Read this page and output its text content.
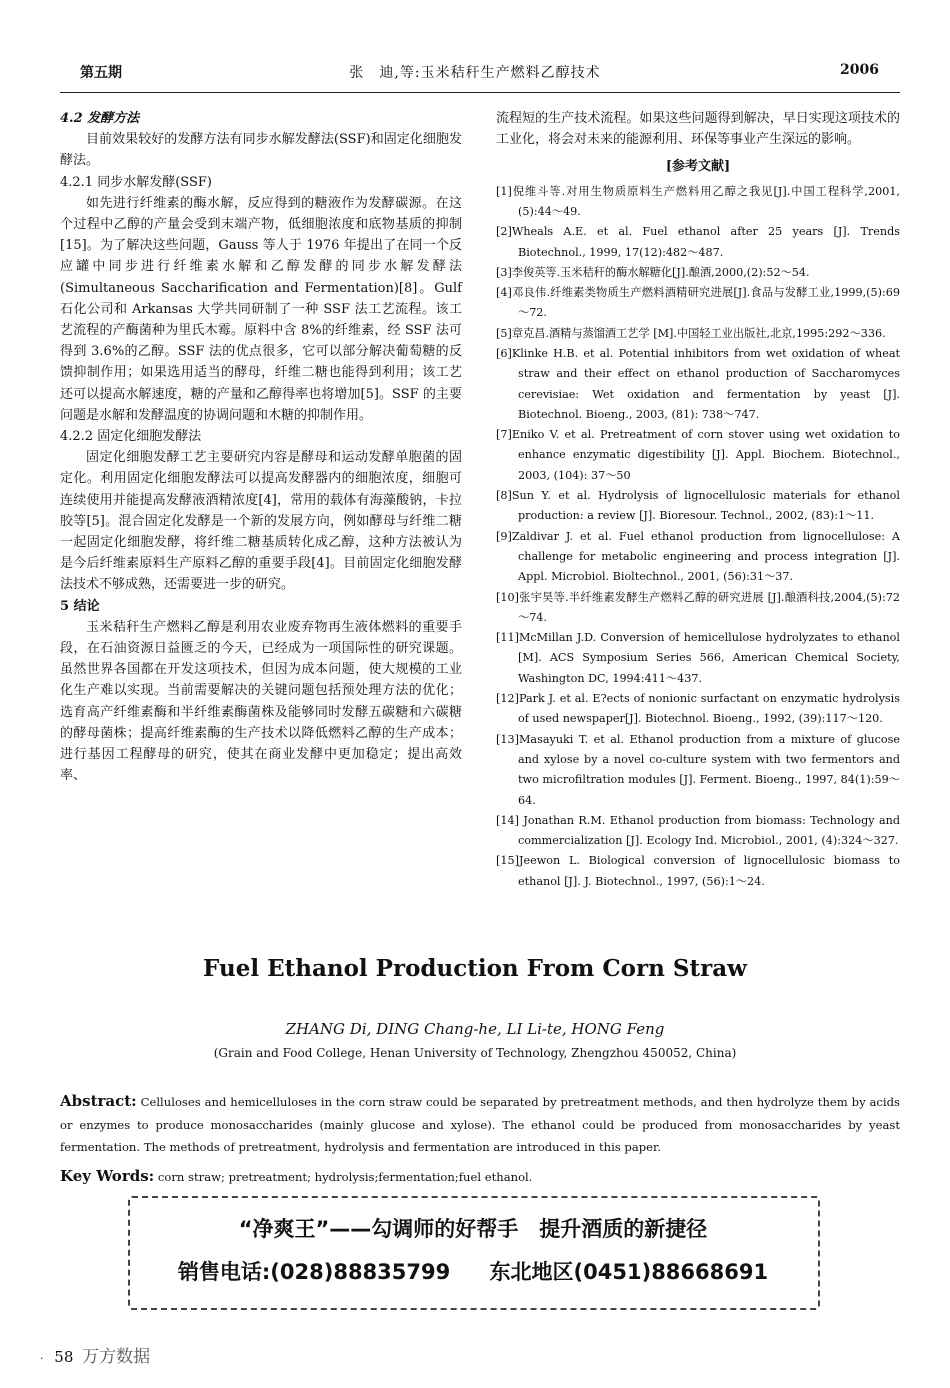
第五期	张　迪,等:玉米秸秆生产燃料乙醇技术	2006

4.2 发酵方法

目前效果较好的发酵方法有同步水解发酵法(SSF)和固定化细胞发酵法。

4.2.1 同步水解发酵(SSF)

如先进行纤维素的酶水解，反应得到的糖液作为发酵碳源。在这个过程中乙醇的产量会受到末端产物，低细胞浓度和底物基质的抑制[15]。为了解决这些问题，Gauss 等人于 1976 年提出了在同一个反应罐中同步进行纤维素水解和乙醇发酵的同步水解发酵法(Simultaneous Saccharification and Fermentation)[8]。Gulf 石化公司和 Arkansas 大学共同研制了一种 SSF 法工艺流程。该工艺流程的产酶菌种为里氏木霉。原料中含 8%的纤维素，经 SSF 法可得到 3.6%的乙醇。SSF 法的优点很多，它可以部分解决葡萄糖的反馈抑制作用；如果选用适当的酵母，纤维二糖也能得到利用；该工艺还可以提高水解速度，糖的产量和乙醇得率也将增加[5]。SSF 的主要问题是水解和发酵温度的协调问题和木糖的抑制作用。

4.2.2 固定化细胞发酵法

固定化细胞发酵工艺主要研究内容是酵母和运动发酵单胞菌的固定化。利用固定化细胞发酵法可以提高发酵器内的细胞浓度，细胞可连续使用并能提高发酵液酒精浓度[4]，常用的载体有海藻酸钠，卡拉胶等[5]。混合固定化发酵是一个新的发展方向，例如酵母与纤维二糖一起固定化细胞发酵，将纤维二糖基质转化成乙醇，这种方法被认为是今后纤维素原料生产原料乙醇的重要手段[4]。目前固定化细胞发酵法技术不够成熟，还需要进一步的研究。

5 结论

玉米秸秆生产燃料乙醇是利用农业废弃物再生液体燃料的重要手段，在石油资源日益匮乏的今天，已经成为一项国际性的研究课题。虽然世界各国都在开发这项技术，但因为成本问题，使大规模的工业化生产难以实现。当前需要解决的关键问题包括预处理方法的优化；选育高产纤维素酶和半纤维素酶菌株及能够同时发酵五碳糖和六碳糖的酵母菌株；提高纤维素酶的生产技术以降低燃料乙醇的生产成本；进行基因工程酵母的研究，使其在商业发酵中更加稳定；提出高效率、

流程短的生产技术流程。如果这些问题得到解决，早日实现这项技术的工业化，将会对未来的能源利用、环保等事业产生深远的影响。

[参考文献]

[1]倪维斗等.对用生物质原料生产燃料用乙醇之我见[J].中国工程科学,2001,(5):44～49.

[2]Wheals A.E. et al. Fuel ethanol after 25 years [J]. Trends Biotechnol., 1999, 17(12):482～487.

[3]李俊英等.玉米秸秆的酶水解糖化[J].酿酒,2000,(2):52～54.

[4]邓良伟.纤维素类物质生产燃料酒精研究进展[J].食品与发酵工业,1999,(5):69～72.

[5]章克昌.酒精与蒸馏酒工艺学 [M].中国轻工业出版社,北京,1995:292～336.

[6]Klinke H.B. et al. Potential inhibitors from wet oxidation of wheat straw and their effect on ethanol production of Saccharomyces cerevisiae: Wet oxidation and fermentation by yeast [J]. Biotechnol. Bioeng., 2003, (81): 738～747.

[7]Eniko V. et al. Pretreatment of corn stover using wet oxidation to enhance enzymatic digestibility [J]. Appl. Biochem. Biotechnol., 2003, (104): 37～50

[8]Sun Y. et al. Hydrolysis of lignocellulosic materials for ethanol production: a review [J]. Bioresour. Technol., 2002, (83):1～11.

[9]Zaldivar J. et al. Fuel ethanol production from lignocellulose: A challenge for metabolic engineering and process integration [J]. Appl. Microbiol. Bioltechnol., 2001, (56):31～37.

[10]张宇昊等.半纤维素发酵生产燃料乙醇的研究进展 [J].酿酒科技,2004,(5):72～74.

[11]McMillan J.D. Conversion of hemicellulose hydrolyzates to ethanol [M]. ACS Symposium Series 566, American Chemical Society, Washington DC, 1994:411～437.

[12]Park J. et al. E?ects of nonionic surfactant on enzymatic hydrolysis of used newspaper[J]. Biotechnol. Bioeng., 1992, (39):117～120.

[13]Masayuki T. et al. Ethanol production from a mixture of glucose and xylose by a novel co-culture system with two fermentors and two microfiltration modules [J]. Ferment. Bioeng., 1997, 84(1):59～64.

[14] Jonathan R.M. Ethanol production from biomass: Technology and commercialization [J]. Ecology Ind. Microbiol., 2001, (4):324～327.

[15]Jeewon L. Biological conversion of lignocellulosic biomass to ethanol [J]. J. Biotechnol., 1997, (56):1～24.

Fuel Ethanol Production From Corn Straw
ZHANG Di, DING Chang-he, LI Li-te, HONG Feng
(Grain and Food College, Henan University of Technology, Zhengzhou 450052, China)
Abstract: Celluloses and hemicelluloses in the corn straw could be separated by pretreatment methods, and then hydrolyze them by acids or enzymes to produce monosaccharides (mainly glucose and xylose). The ethanol could be produced from monosaccharides by yeast fermentation. The methods of pretreatment, hydrolysis and fermentation are introduced in this paper.
Key Words: corn straw; pretreatment; hydrolysis;fermentation;fuel ethanol.
“净爽王”——勾调师的好帮手　提升酒质的新捷径
销售电话:(028)88835799 东北地区(0451)88668691
· 58 万方数据
